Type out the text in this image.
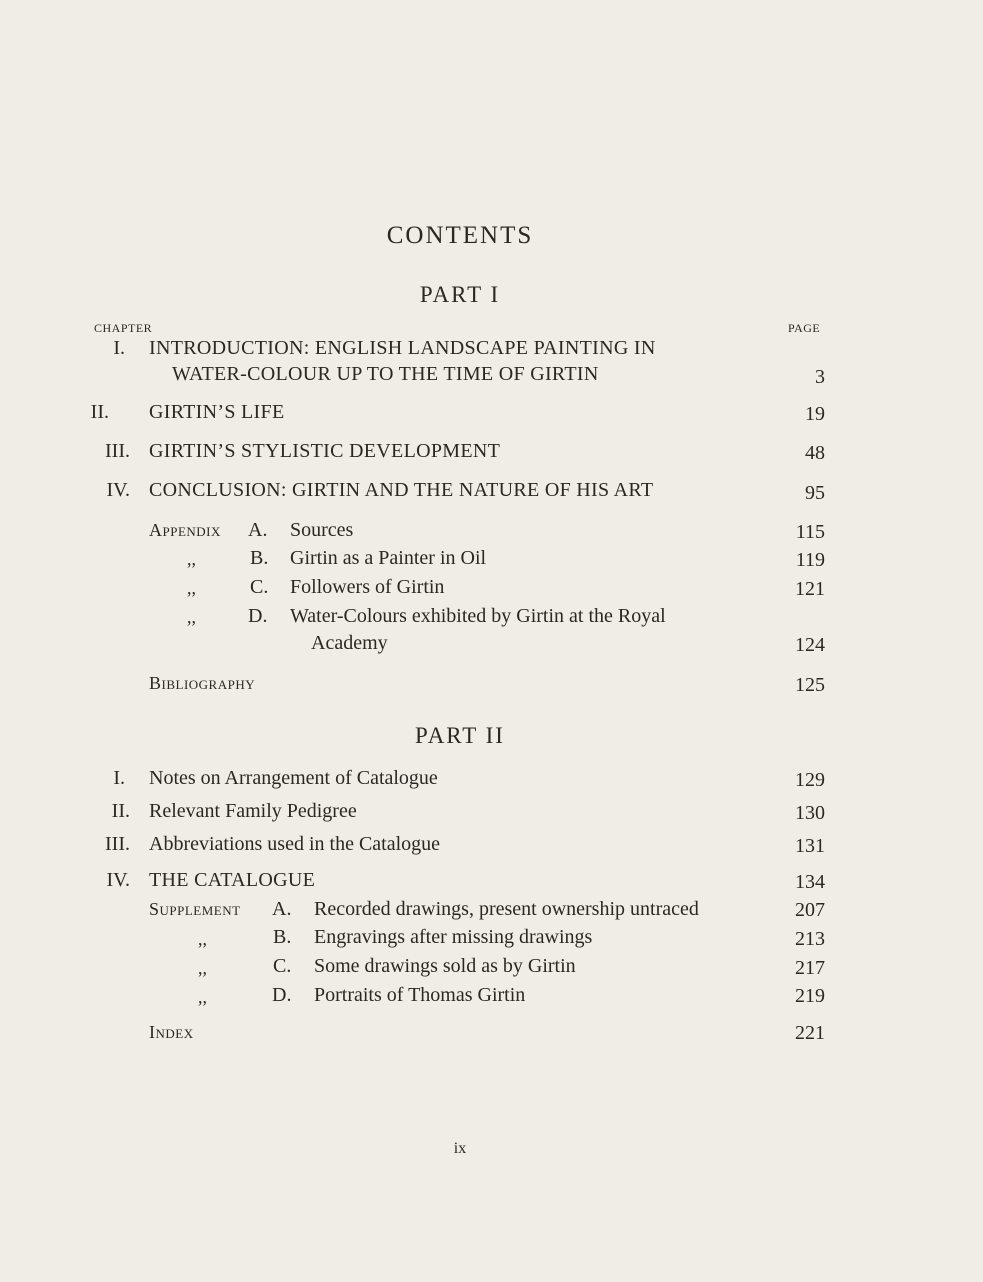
CONTENTS
PART I
CHAPTER	PAGE
I. INTRODUCTION: ENGLISH LANDSCAPE PAINTING IN
WATER-COLOUR UP TO THE TIME OF GIRTIN	3
II. GIRTIN’S LIFE	19
III. GIRTIN’S STYLISTIC DEVELOPMENT	48
IV. CONCLUSION: GIRTIN AND THE NATURE OF HIS ART	95
Appendix A. Sources	115
,,	B. Girtin as a Painter in Oil	119
,,	C. Followers of Girtin	121
,,	D. Water-Colours exhibited by Girtin at the Royal
Academy	124
Bibliography	125
PART II
I. Notes on Arrangement of Catalogue	129
II. Relevant Family Pedigree	130
III. Abbreviations used in the Catalogue	131
IV. THE CATALOGUE	134
Supplement A. Recorded drawings, present ownership untraced	207
,,	B. Engravings after missing drawings	213
,,	C. Some drawings sold as by Girtin	217
,,	D. Portraits of Thomas Girtin	219
Index	221
ix
